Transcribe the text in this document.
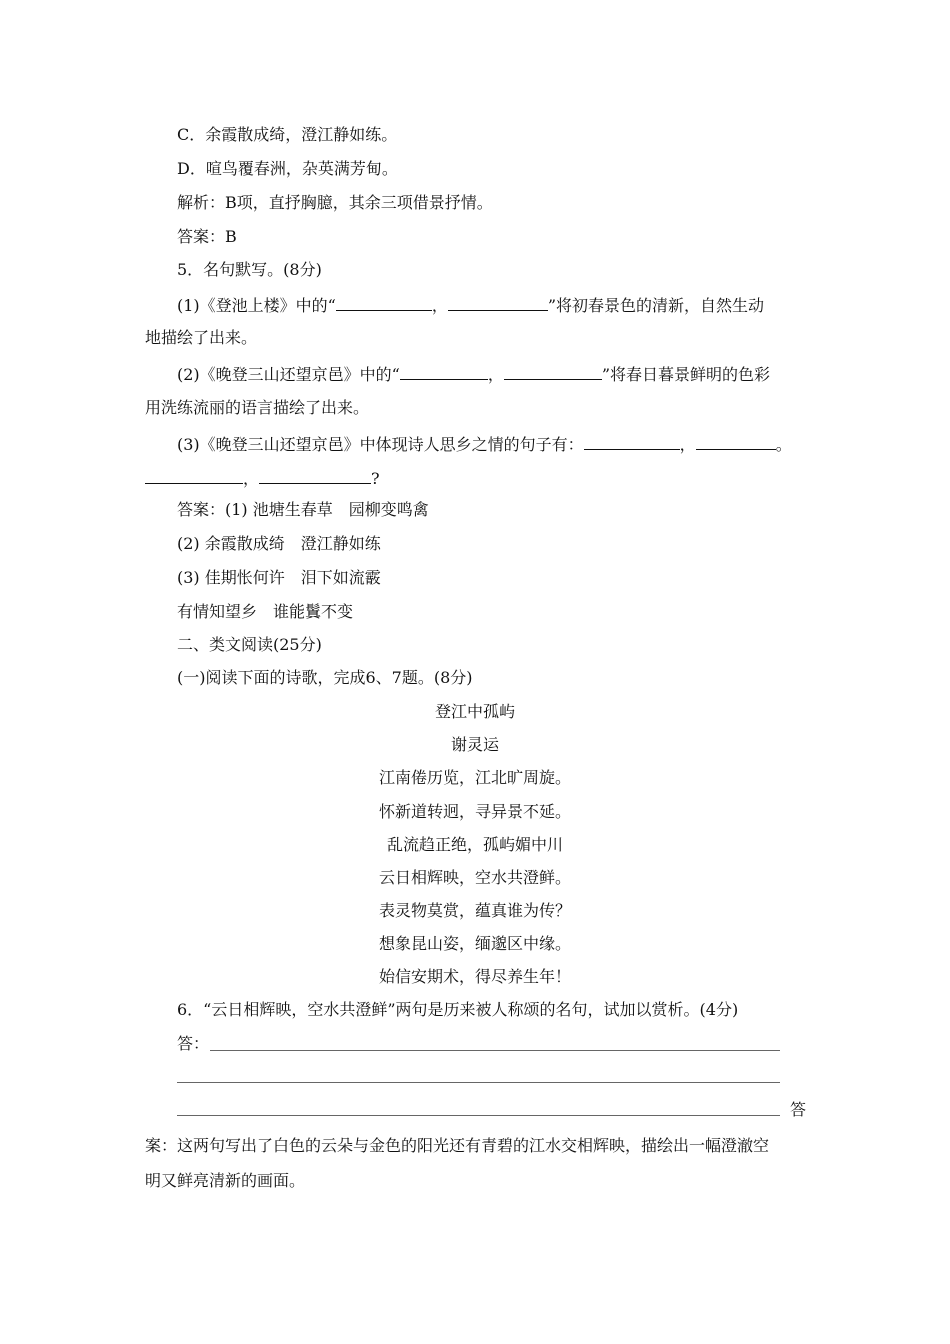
C．余霞散成绮，澄江静如练。
D．喧鸟覆春洲，杂英满芳甸。
解析：B项，直抒胸臆，其余三项借景抒情。
答案：B
5．名句默写。(8分)
(1)《登池上楼》中的“	，	”将初春景色的清新，自然生动
地描绘了出来。
(2)《晚登三山还望京邑》中的“	，	”将春日暮景鲜明的色彩
用洗练流丽的语言描绘了出来。
(3)《晚登三山还望京邑》中体现诗人思乡之情的句子有：	，	。
，	?
答案：(1) 池塘生春草　园柳变鸣禽
(2) 余霞散成绮　澄江静如练
(3) 佳期怅何许　泪下如流霰
有情知望乡　谁能鬒不变
二、类文阅读(25分)
(一)阅读下面的诗歌，完成6、7题。(8分)
登江中孤屿
谢灵运
江南倦历览，江北旷周旋。
怀新道转迥，寻异景不延。
乱流趋正绝，孤屿媚中川
云日相辉映，空水共澄鲜。
表灵物莫赏，蕴真谁为传？
想象昆山姿，缅邈区中缘。
始信安期术，得尽养生年！
6．“云日相辉映，空水共澄鲜”两句是历来被人称颂的名句，试加以赏析。(4分)
答：
答
案：这两句写出了白色的云朵与金色的阳光还有青碧的江水交相辉映，描绘出一幅澄澈空
明又鲜亮清新的画面。
